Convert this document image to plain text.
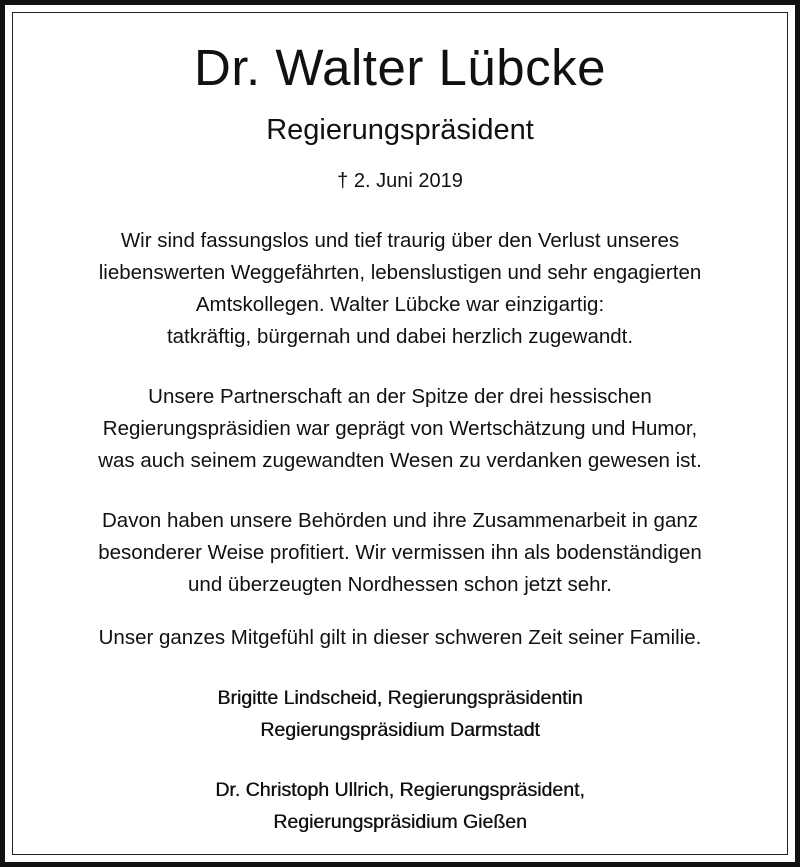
Dr. Walter Lübcke
Regierungspräsident
† 2. Juni 2019
Wir sind fassungslos und tief traurig über den Verlust unseres
liebenswerten Weggefährten, lebenslustigen und sehr engagierten
Amtskollegen. Walter Lübcke war einzigartig:
tatkräftig, bürgernah und dabei herzlich zugewandt.
Unsere Partnerschaft an der Spitze der drei hessischen
Regierungspräsidien war geprägt von Wertschätzung und Humor,
was auch seinem zugewandten Wesen zu verdanken gewesen ist.
Davon haben unsere Behörden und ihre Zusammenarbeit in ganz
besonderer Weise profitiert. Wir vermissen ihn als bodenständigen
und überzeugten Nordhessen schon jetzt sehr.
Unser ganzes Mitgefühl gilt in dieser schweren Zeit seiner Familie.
Brigitte Lindscheid, Regierungspräsidentin
Regierungspräsidium Darmstadt
Dr. Christoph Ullrich, Regierungspräsident,
Regierungspräsidium Gießen
